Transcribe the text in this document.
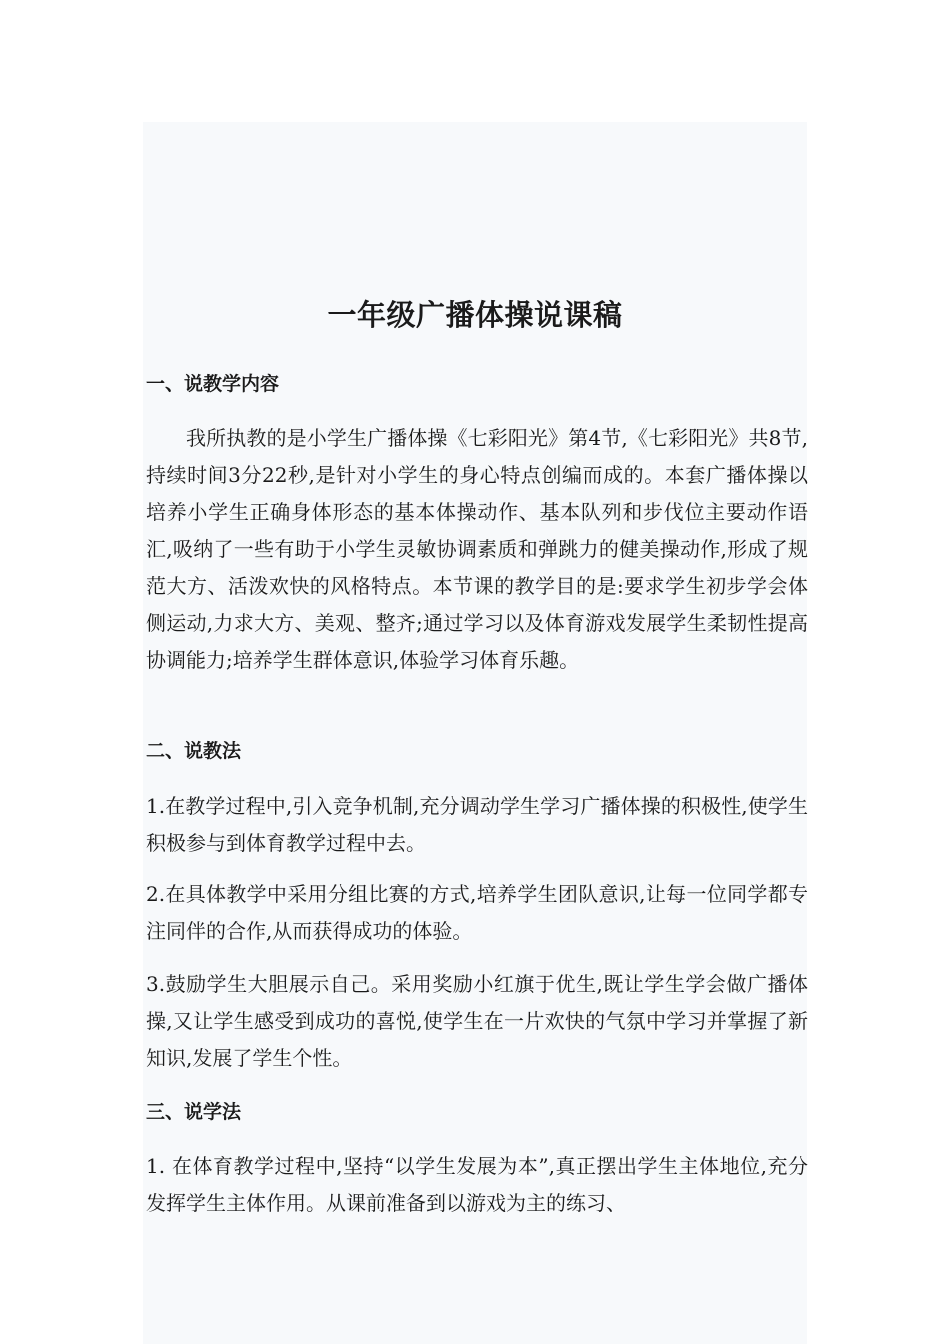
一年级广播体操说课稿
一、说教学内容

我所执教的是小学生广播体操《七彩阳光》第4节,《七彩阳光》共8节,持续时间3分22秒,是针对小学生的身心特点创编而成的。本套广播体操以培养小学生正确身体形态的基本体操动作、基本队列和步伐位主要动作语汇,吸纳了一些有助于小学生灵敏协调素质和弹跳力的健美操动作,形成了规范大方、活泼欢快的风格特点。本节课的教学目的是:要求学生初步学会体侧运动,力求大方、美观、整齐;通过学习以及体育游戏发展学生柔韧性提高协调能力;培养学生群体意识,体验学习体育乐趣。

二、说教法

1.在教学过程中,引入竞争机制,充分调动学生学习广播体操的积极性,使学生积极参与到体育教学过程中去。

2.在具体教学中采用分组比赛的方式,培养学生团队意识,让每一位同学都专注同伴的合作,从而获得成功的体验。

3.鼓励学生大胆展示自己。采用奖励小红旗于优生,既让学生学会做广播体操,又让学生感受到成功的喜悦,使学生在一片欢快的气氛中学习并掌握了新知识,发展了学生个性。

三、说学法

1. 在体育教学过程中,坚持“以学生发展为本”,真正摆出学生主体地位,充分发挥学生主体作用。从课前准备到以游戏为主的练习、
